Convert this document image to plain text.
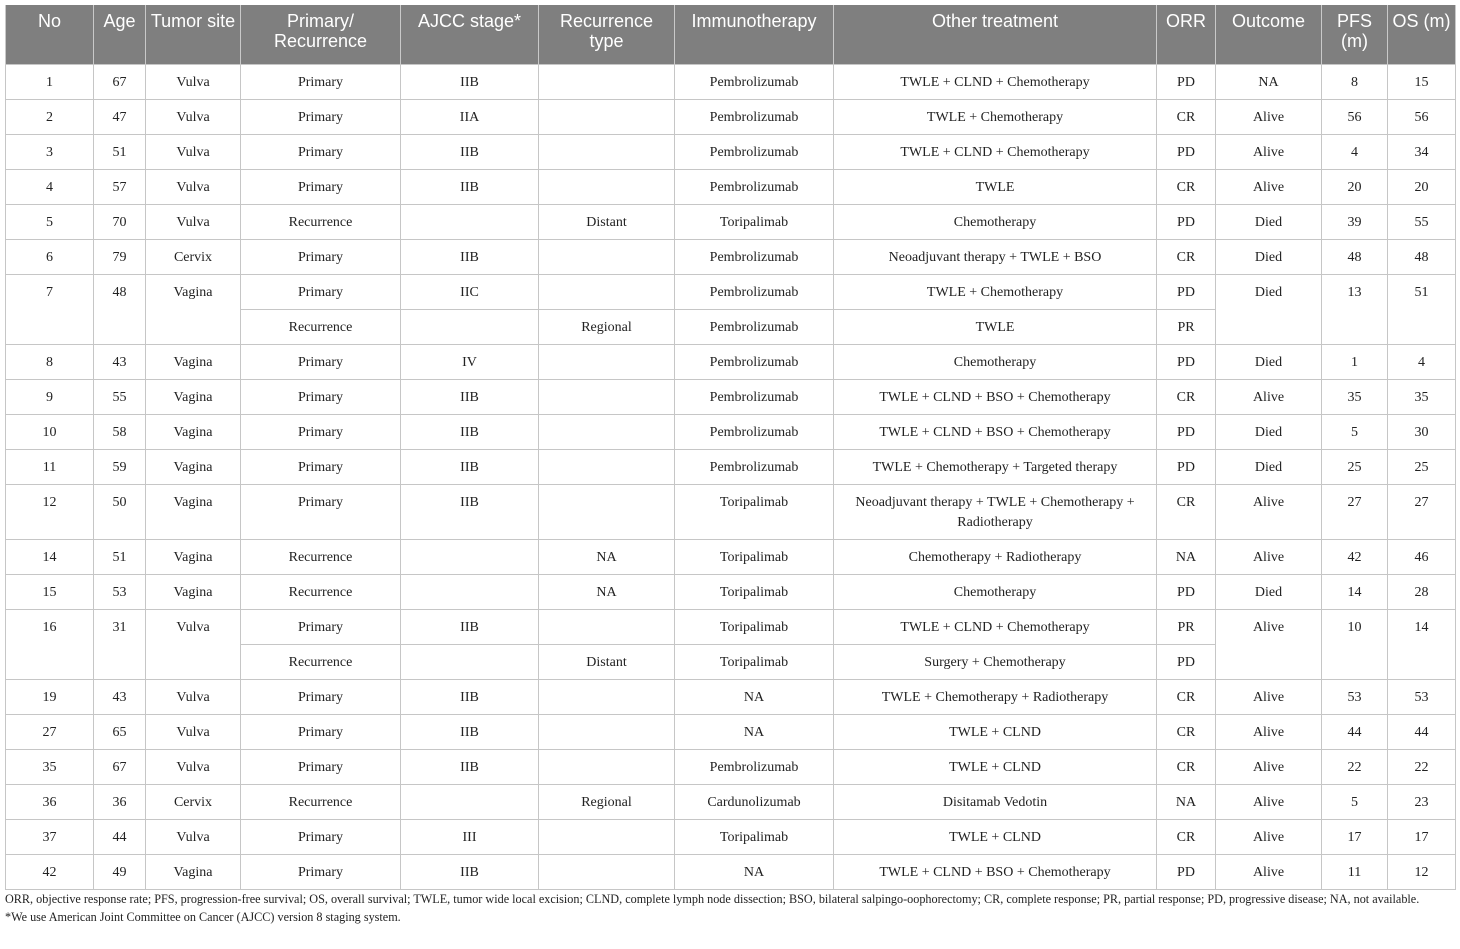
No	Age	Tumor site	Primary/ Recurrence	AJCC stage*	Recurrence type	Immunotherapy	Other treatment	ORR	Outcome	PFS (m)	OS (m)
1	67	Vulva	Primary	IIB		Pembrolizumab	TWLE + CLND + Chemotherapy	PD	NA	8	15
2	47	Vulva	Primary	IIA		Pembrolizumab	TWLE + Chemotherapy	CR	Alive	56	56
3	51	Vulva	Primary	IIB		Pembrolizumab	TWLE + CLND + Chemotherapy	PD	Alive	4	34
4	57	Vulva	Primary	IIB		Pembrolizumab	TWLE	CR	Alive	20	20
5	70	Vulva	Recurrence		Distant	Toripalimab	Chemotherapy	PD	Died	39	55
6	79	Cervix	Primary	IIB		Pembrolizumab	Neoadjuvant therapy + TWLE + BSO	CR	Died	48	48
7	48	Vagina	Primary	IIC		Pembrolizumab	TWLE + Chemotherapy	PD	Died	13	51
			Recurrence		Regional	Pembrolizumab	TWLE	PR			
8	43	Vagina	Primary	IV		Pembrolizumab	Chemotherapy	PD	Died	1	4
9	55	Vagina	Primary	IIB		Pembrolizumab	TWLE + CLND + BSO + Chemotherapy	CR	Alive	35	35
10	58	Vagina	Primary	IIB		Pembrolizumab	TWLE + CLND + BSO + Chemotherapy	PD	Died	5	30
11	59	Vagina	Primary	IIB		Pembrolizumab	TWLE + Chemotherapy + Targeted therapy	PD	Died	25	25
12	50	Vagina	Primary	IIB		Toripalimab	Neoadjuvant therapy + TWLE + Chemotherapy + Radiotherapy	CR	Alive	27	27
14	51	Vagina	Recurrence		NA	Toripalimab	Chemotherapy + Radiotherapy	NA	Alive	42	46
15	53	Vagina	Recurrence		NA	Toripalimab	Chemotherapy	PD	Died	14	28
16	31	Vulva	Primary	IIB		Toripalimab	TWLE + CLND + Chemotherapy	PR	Alive	10	14
			Recurrence		Distant	Toripalimab	Surgery + Chemotherapy	PD			
19	43	Vulva	Primary	IIB		NA	TWLE + Chemotherapy + Radiotherapy	CR	Alive	53	53
27	65	Vulva	Primary	IIB		NA	TWLE + CLND	CR	Alive	44	44
35	67	Vulva	Primary	IIB		Pembrolizumab	TWLE + CLND	CR	Alive	22	22
36	36	Cervix	Recurrence		Regional	Cardunolizumab	Disitamab Vedotin	NA	Alive	5	23
37	44	Vulva	Primary	III		Toripalimab	TWLE + CLND	CR	Alive	17	17
42	49	Vagina	Primary	IIB		NA	TWLE + CLND + BSO + Chemotherapy	PD	Alive	11	12

ORR, objective response rate; PFS, progression-free survival; OS, overall survival; TWLE, tumor wide local excision; CLND, complete lymph node dissection; BSO, bilateral salpingo-oophorectomy; CR, complete response; PR, partial response; PD, progressive disease; NA, not available.

*We use American Joint Committee on Cancer (AJCC) version 8 staging system.
